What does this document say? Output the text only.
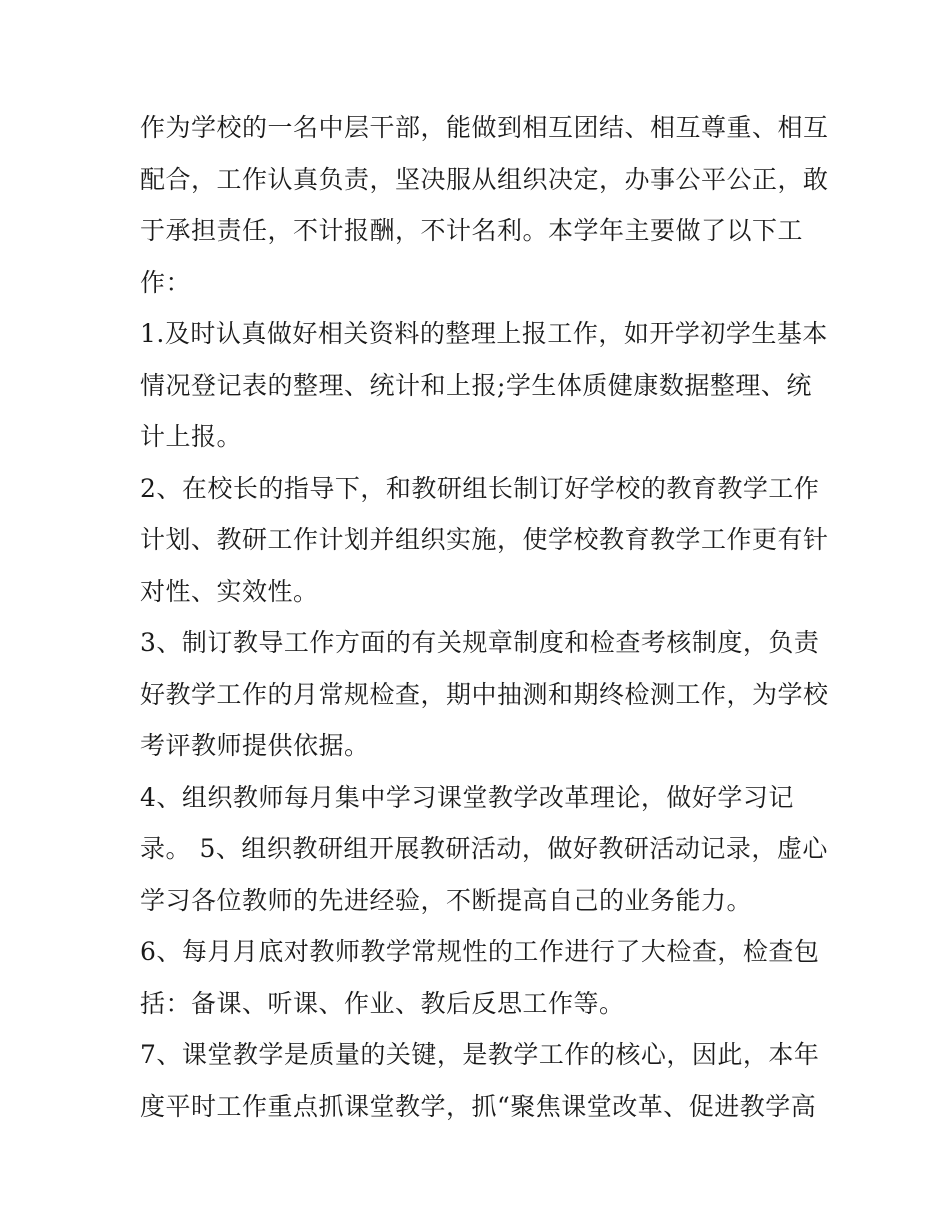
作为学校的一名中层干部，能做到相互团结、相互尊重、相互
配合，工作认真负责，坚决服从组织决定，办事公平公正，敢
于承担责任，不计报酬，不计名利。本学年主要做了以下工
作：

1.及时认真做好相关资料的整理上报工作，如开学初学生基本
情况登记表的整理、统计和上报;学生体质健康数据整理、统
计上报。

2、在校长的指导下，和教研组长制订好学校的教育教学工作
计划、教研工作计划并组织实施，使学校教育教学工作更有针
对性、实效性。

3、制订教导工作方面的有关规章制度和检查考核制度，负责
好教学工作的月常规检查，期中抽测和期终检测工作，为学校
考评教师提供依据。

4、组织教师每月集中学习课堂教学改革理论，做好学习记
录。 5、组织教研组开展教研活动，做好教研活动记录，虚心
学习各位教师的先进经验，不断提高自己的业务能力。

6、每月月底对教师教学常规性的工作进行了大检查，检查包
括：备课、听课、作业、教后反思工作等。

7、课堂教学是质量的关键，是教学工作的核心，因此，本年
度平时工作重点抓课堂教学，抓“聚焦课堂改革、促进教学高
